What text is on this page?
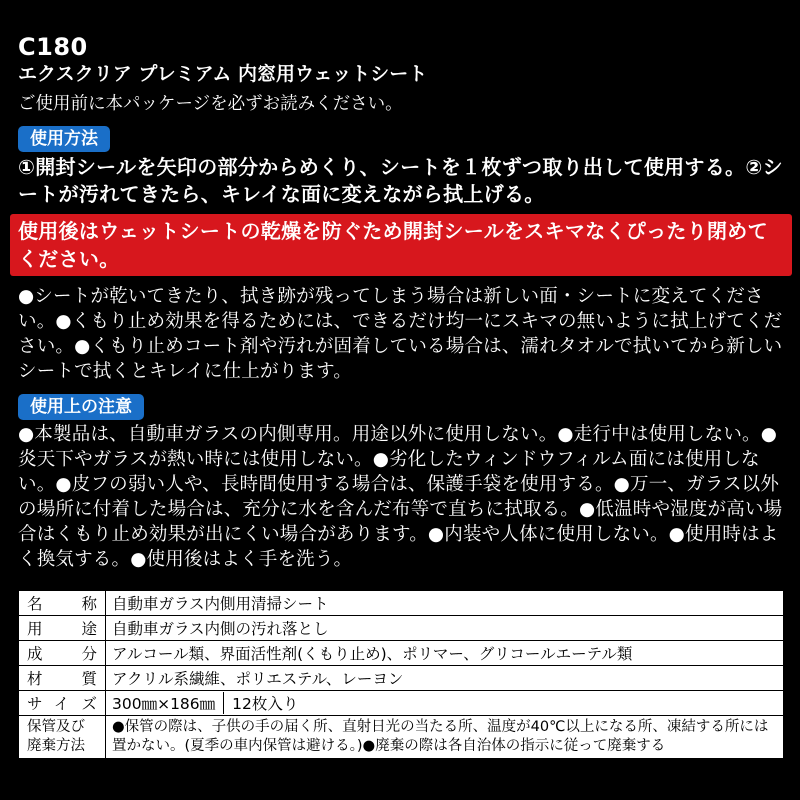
C180
エクスクリア プレミアム 内窓用ウェットシート
ご使用前に本パッケージを必ずお読みください。
使用方法
①開封シールを矢印の部分からめくり、シートを１枚ずつ取り出して使用する。②シートが汚れてきたら、キレイな面に変えながら拭上げる。
使用後はウェットシートの乾燥を防ぐため開封シールをスキマなくぴったり閉めてください。
●シートが乾いてきたり、拭き跡が残ってしまう場合は新しい面・シートに変えてください。●くもり止め効果を得るためには、できるだけ均一にスキマの無いように拭上げてください。●くもり止めコート剤や汚れが固着している場合は、濡れタオルで拭いてから新しいシートで拭くとキレイに仕上がります。
使用上の注意
●本製品は、自動車ガラスの内側専用。用途以外に使用しない。●走行中は使用しない。●炎天下やガラスが熱い時には使用しない。●劣化したウィンドウフィルム面には使用しない。●皮フの弱い人や、長時間使用する場合は、保護手袋を使用する。●万一、ガラス以外の場所に付着した場合は、充分に水を含んだ布等で直ちに拭取る。●低温時や湿度が高い場合はくもり止め効果が出にくい場合があります。●内装や人体に使用しない。●使用時はよく換気する。●使用後はよく手を洗う。
名　称	自動車ガラス内側用清掃シート
用　途	自動車ガラス内側の汚れ落とし
成　分	アルコール類、界面活性剤(くもり止め)、ポリマー、グリコールエーテル類
材　質	アクリル系繊維、ポリエステル、レーヨン
サイズ	300㎜×186㎜ 12枚入り

保管及び廃棄方法	●保管の際は、子供の手の届く所、直射日光の当たる所、温度が40℃以上になる所、凍結する所には置かない。(夏季の車内保管は避ける。)●廃棄の際は各自治体の指示に従って廃棄する
